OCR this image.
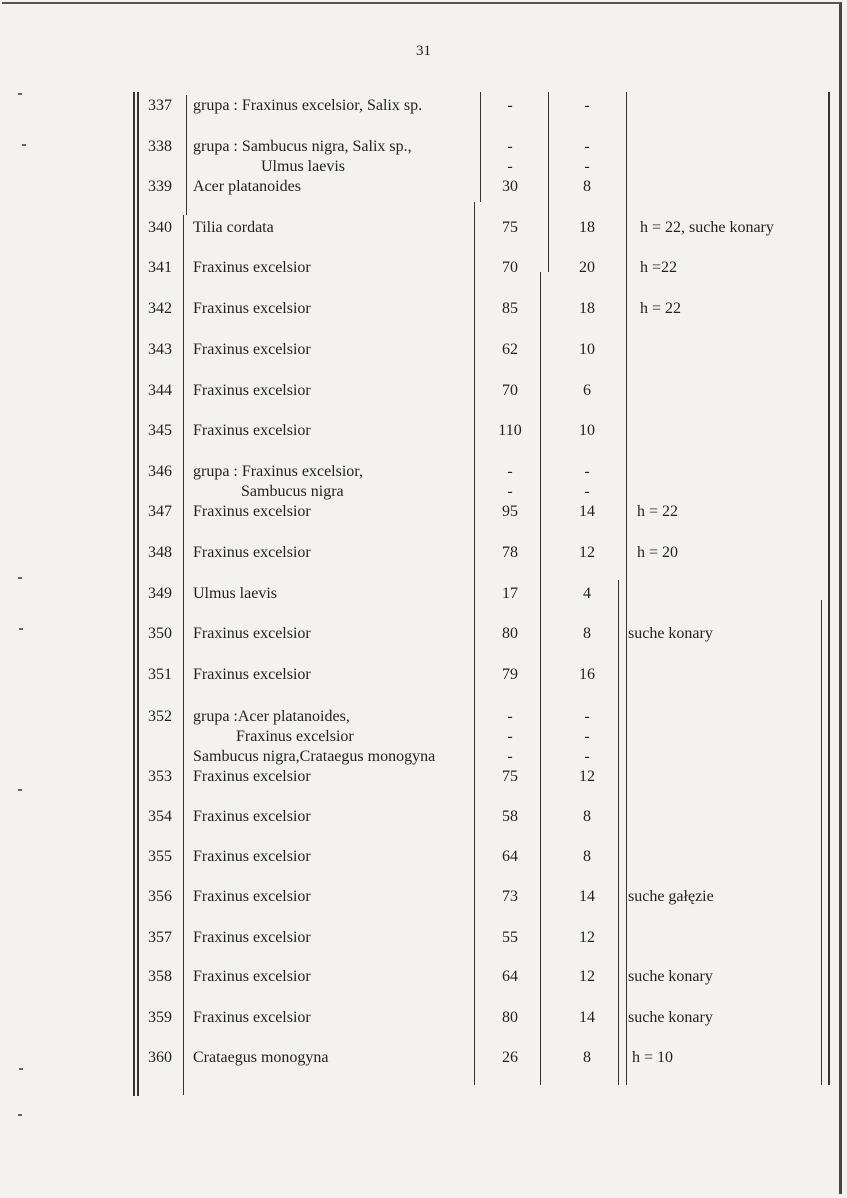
31
337	grupa : Fraxinus excelsior, Salix sp.	-	-
338	grupa : Sambucus nigra, Salix sp.,	-	-
Ulmus laevis	-	-
339	Acer platanoides	30	8
340	Tilia cordata	75	18	h = 22, suche konary
341	Fraxinus excelsior	70	20	h =22
342	Fraxinus excelsior	85	18	h = 22
343	Fraxinus excelsior	62	10
344	Fraxinus excelsior	70	6
345	Fraxinus excelsior	110	10
346	grupa : Fraxinus excelsior,	-	-
Sambucus nigra	-	-
347	Fraxinus excelsior	95	14	h = 22
348	Fraxinus excelsior	78	12	h = 20
349	Ulmus laevis	17	4
350	Fraxinus excelsior	80	8	suche konary
351	Fraxinus excelsior	79	16
352	grupa :Acer platanoides,	-	-
Fraxinus excelsior	-	-
Sambucus nigra,Crataegus monogyna	-	-
353	Fraxinus excelsior	75	12
354	Fraxinus excelsior	58	8
355	Fraxinus excelsior	64	8
356	Fraxinus excelsior	73	14	suche gałęzie
357	Fraxinus excelsior	55	12
358	Fraxinus excelsior	64	12	suche konary
359	Fraxinus excelsior	80	14	suche konary
360	Crataegus monogyna	26	8	h = 10
